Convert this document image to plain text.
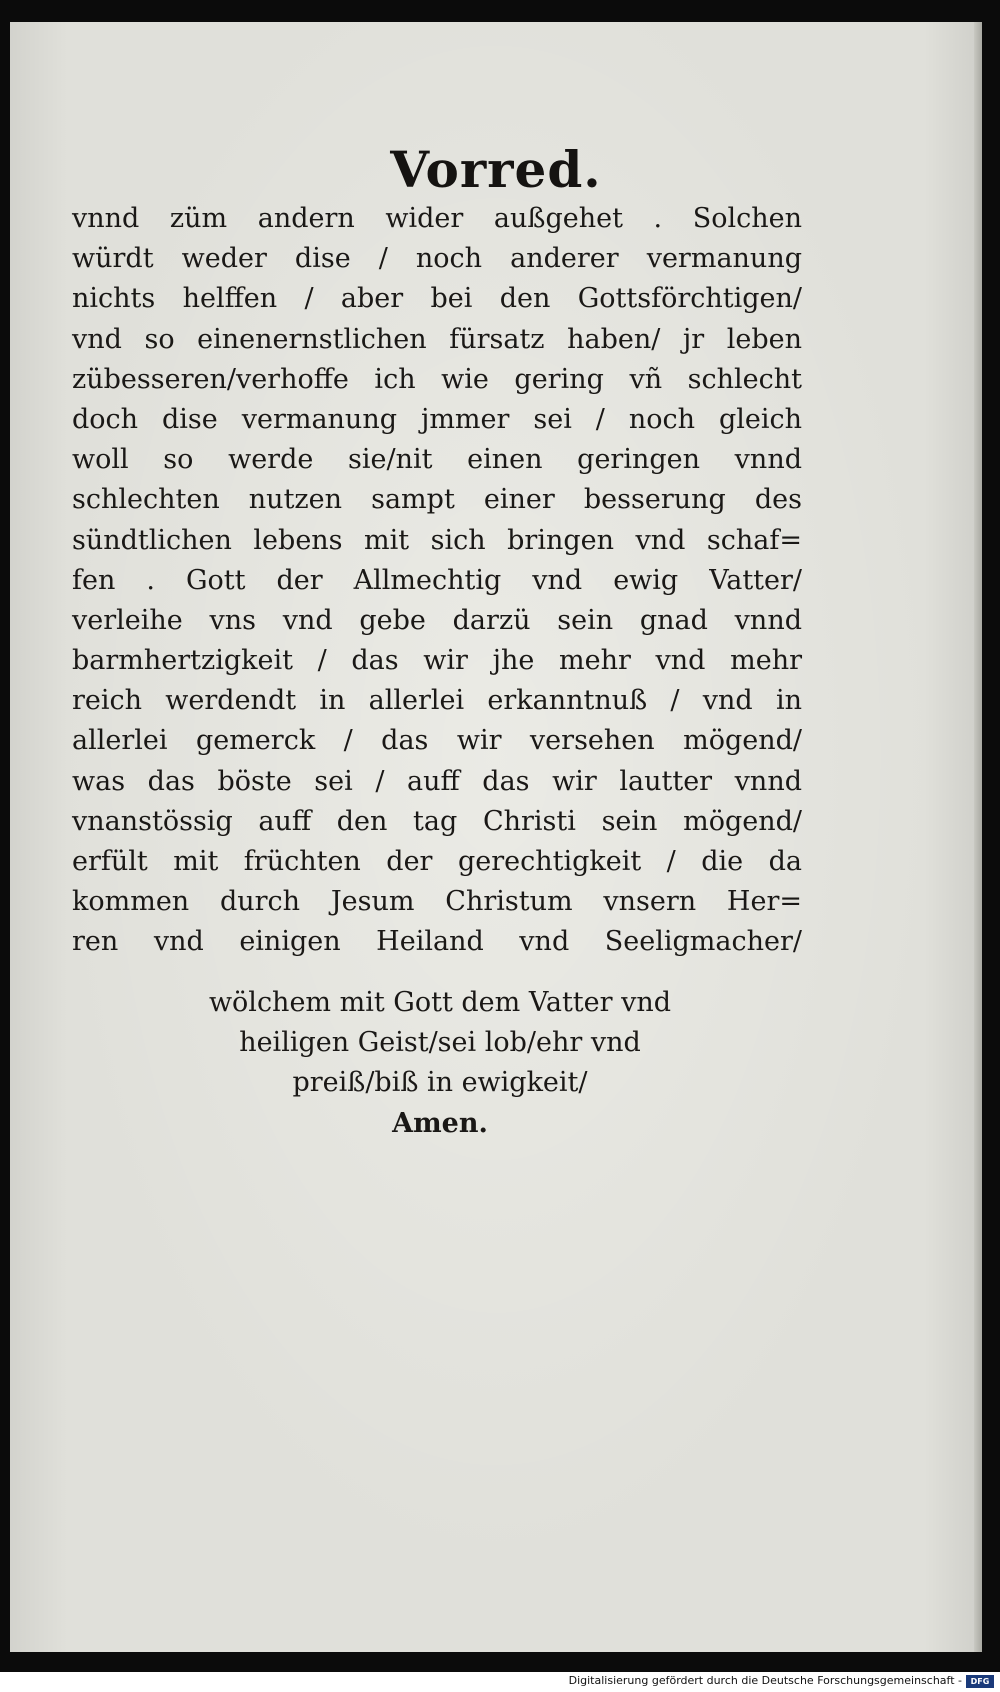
Vorred.
vnnd züm andern wider außgehet . Solchen
würdt weder dise / noch anderer vermanung
nichts helffen / aber bei den Gottsförchtigen/
vnd so einenernstlichen fürsatz haben/ jr leben
zübesseren/verhoffe ich wie gering vñ schlecht
doch dise vermanung jmmer sei / noch gleich
woll so werde sie/nit einen geringen vnnd
schlechten nutzen sampt einer besserung des
sündtlichen lebens mit sich bringen vnd schaf=
fen . Gott der Allmechtig vnd ewig Vatter/
verleihe vns vnd gebe darzü sein gnad vnnd
barmhertzigkeit / das wir jhe mehr vnd mehr
reich werdendt in allerlei erkanntnuß / vnd in
allerlei gemerck / das wir versehen mögend/
was das böste sei / auff das wir lautter vnnd
vnanstössig auff den tag Christi sein mögend/
erfült mit früchten der gerechtigkeit / die da
kommen durch Jesum Christum vnsern Her=
ren vnd einigen Heiland vnd Seeligmacher/
wölchem mit Gott dem Vatter vnd
heiligen Geist/sei lob/ehr vnd
preiß/biß in ewigkeit/
Amen.
Digitalisierung gefördert durch die Deutsche Forschungsgemeinschaft -	DFG
